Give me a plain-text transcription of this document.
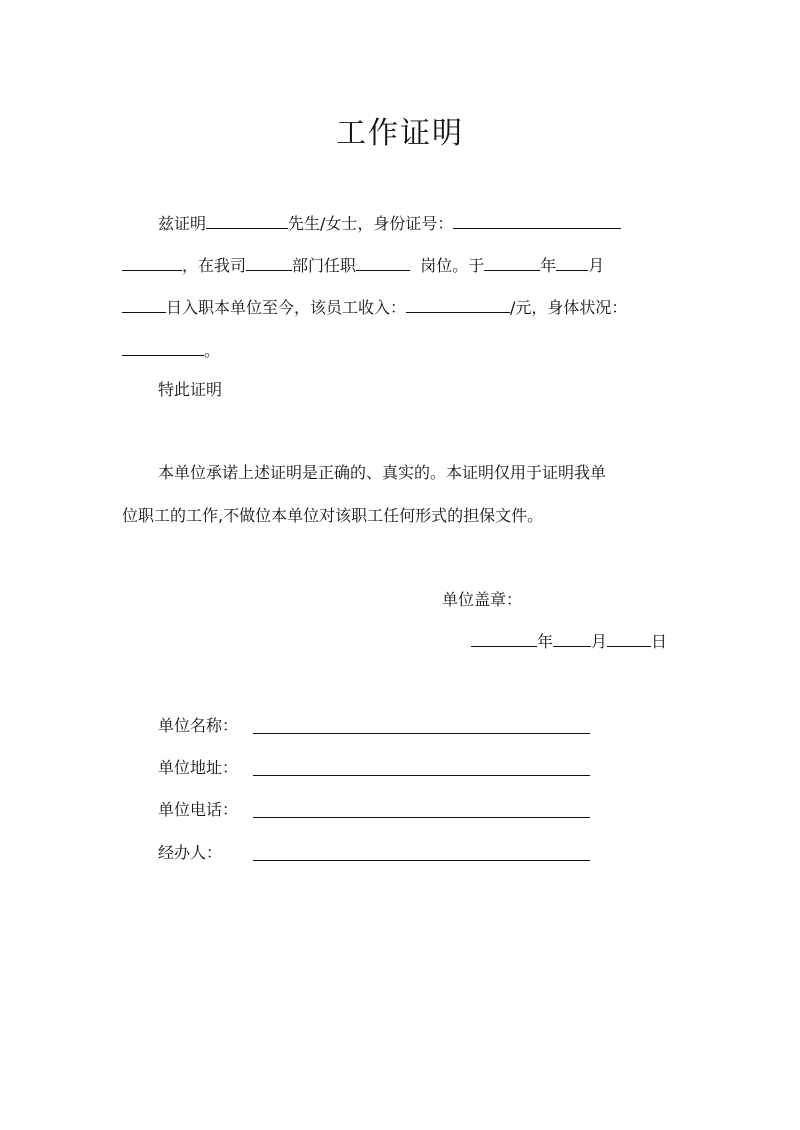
工作证明
兹证明	先生/女士，身份证号：
，在我司	部门任职	岗位。于	年 月
日入职本单位至今，该员工收入：	/元，身体状况：
。
特此证明
本单位承诺上述证明是正确的、真实的。本证明仅用于证明我单
位职工的工作,不做位本单位对该职工任何形式的担保文件。
单位盖章：
年 月	日
单位名称：
单位地址：
单位电话：
经办人：
